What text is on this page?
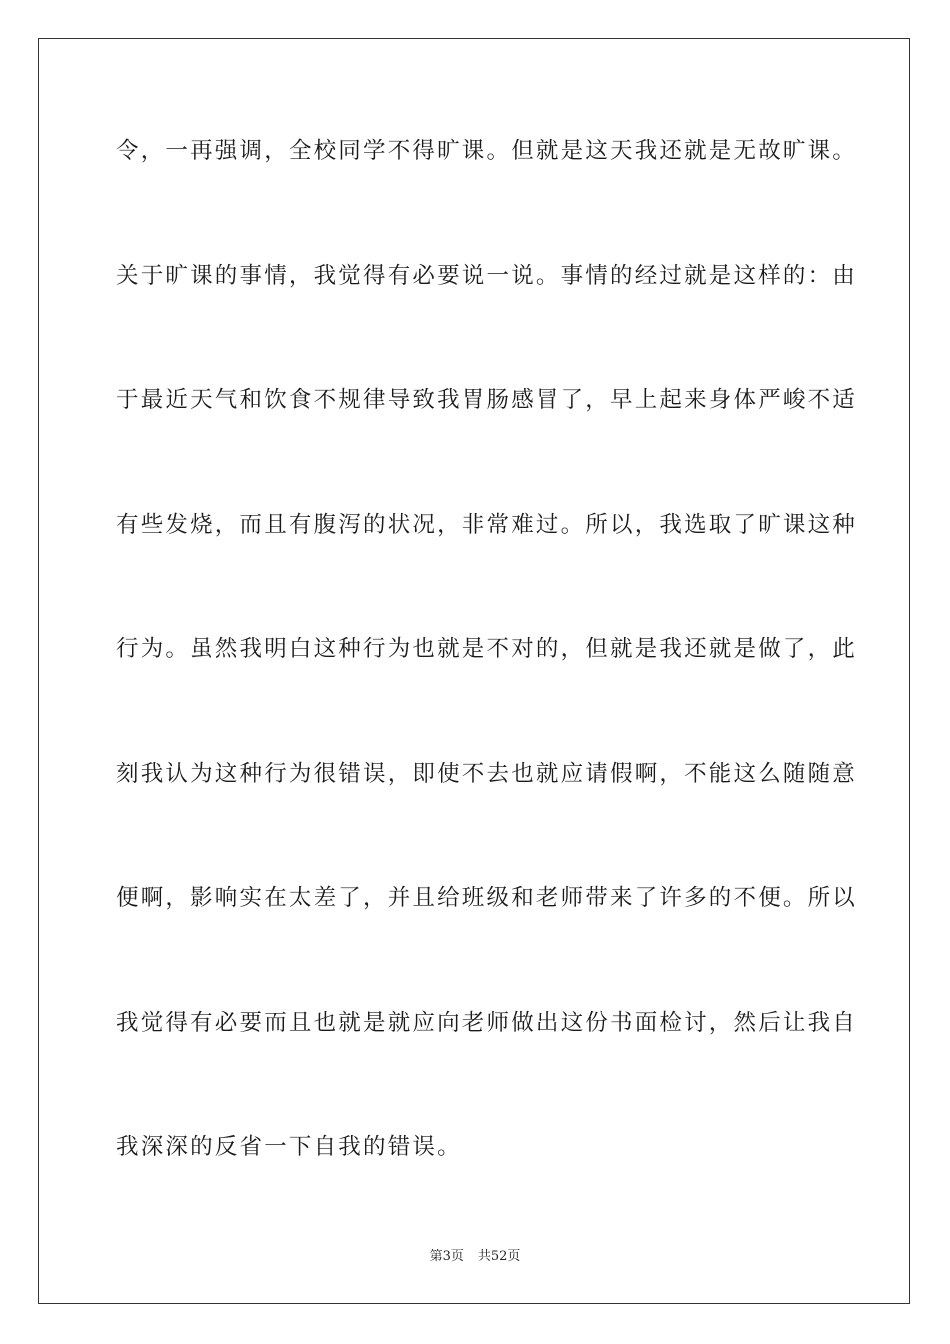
令，一再强调，全校同学不得旷课。但就是这天我还就是无故旷课。
关于旷课的事情，我觉得有必要说一说。事情的经过就是这样的：由
于最近天气和饮食不规律导致我胃肠感冒了，早上起来身体严峻不适
有些发烧，而且有腹泻的状况，非常难过。所以，我选取了旷课这种
行为。虽然我明白这种行为也就是不对的，但就是我还就是做了，此
刻我认为这种行为很错误，即使不去也就应请假啊，不能这么随随意
便啊，影响实在太差了，并且给班级和老师带来了许多的不便。所以
我觉得有必要而且也就是就应向老师做出这份书面检讨，然后让我自
我深深的反省一下自我的错误。
第3页 共52页
